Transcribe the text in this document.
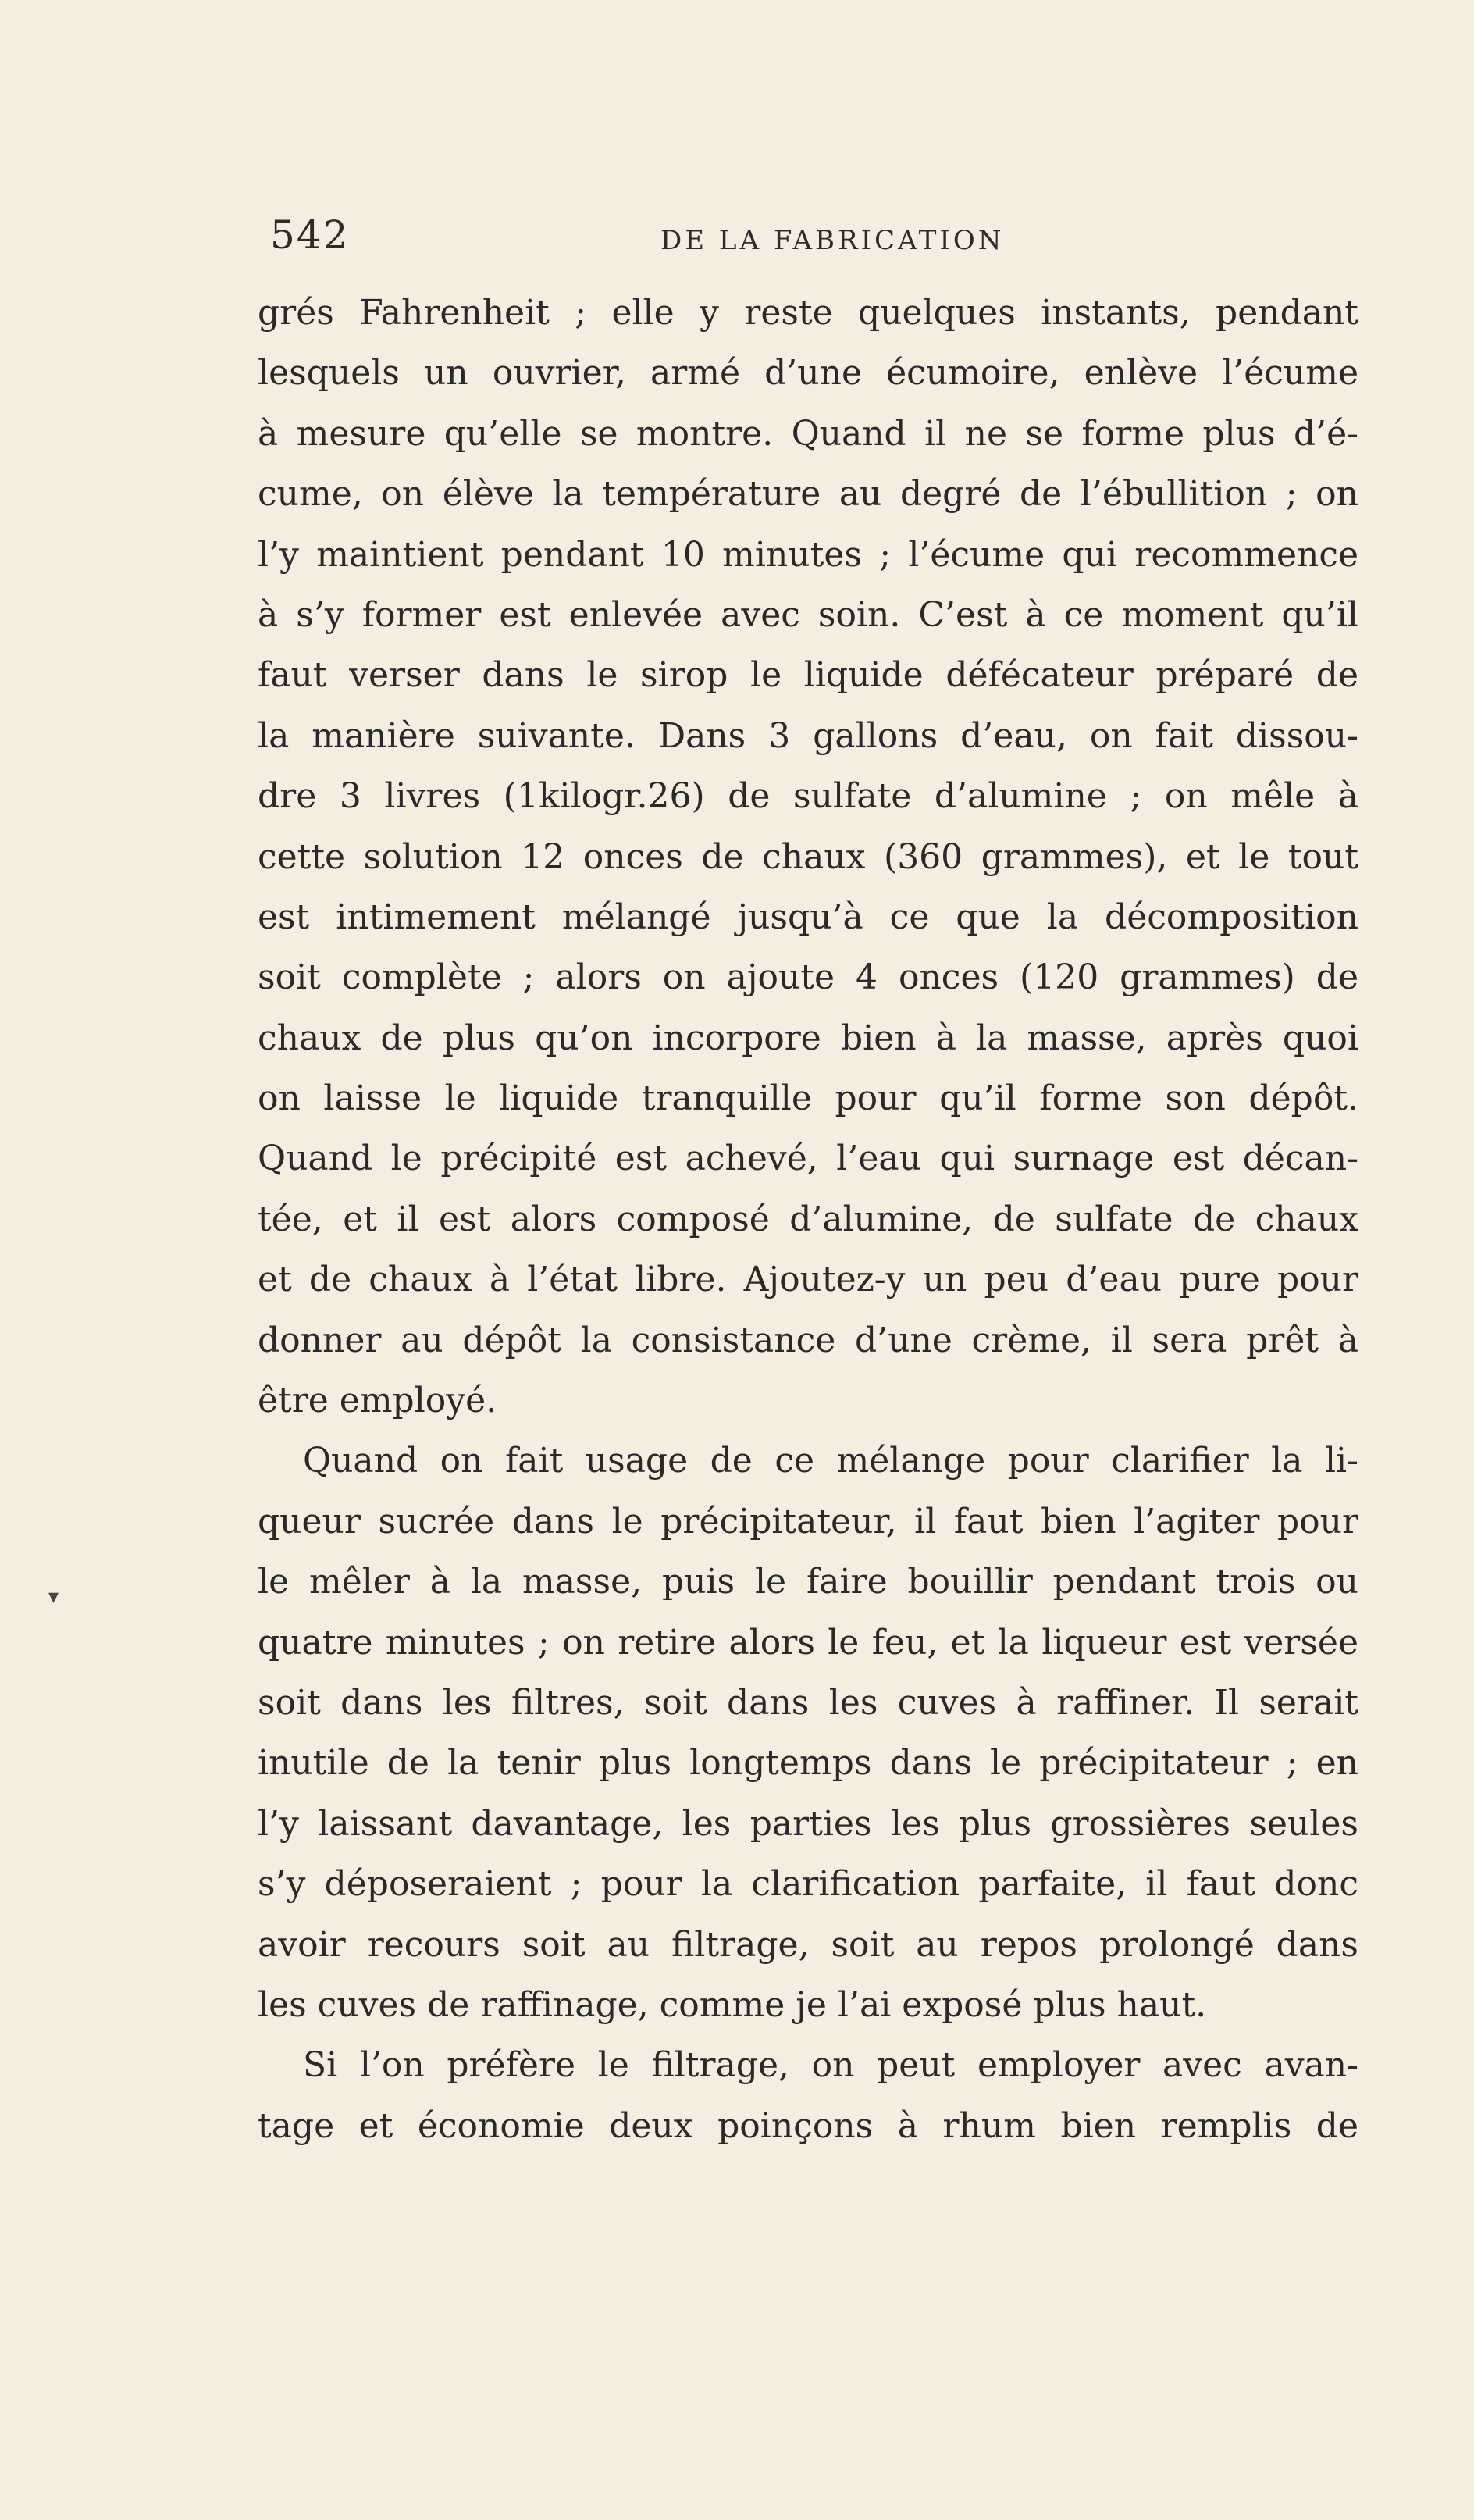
542	DE LA FABRICATION
▾
grés Fahrenheit ; elle y reste quelques instants, pendant
lesquels un ouvrier, armé d’une écumoire, enlève l’écume
à mesure qu’elle se montre. Quand il ne se forme plus d’é-
cume, on élève la température au degré de l’ébullition ; on
l’y maintient pendant 10 minutes ; l’écume qui recommence
à s’y former est enlevée avec soin. C’est à ce moment qu’il
faut verser dans le sirop le liquide défécateur préparé de
la manière suivante. Dans 3 gallons d’eau, on fait dissou-
dre 3 livres (1kilogr.26) de sulfate d’alumine ; on mêle à
cette solution 12 onces de chaux (360 grammes), et le tout
est intimement mélangé jusqu’à ce que la décomposition
soit complète ; alors on ajoute 4 onces (120 grammes) de
chaux de plus qu’on incorpore bien à la masse, après quoi
on laisse le liquide tranquille pour qu’il forme son dépôt.
Quand le précipité est achevé, l’eau qui surnage est décan-
tée, et il est alors composé d’alumine, de sulfate de chaux
et de chaux à l’état libre. Ajoutez-y un peu d’eau pure pour
donner au dépôt la consistance d’une crème, il sera prêt à
être employé.
Quand on fait usage de ce mélange pour clarifier la li-
queur sucrée dans le précipitateur, il faut bien l’agiter pour
le mêler à la masse, puis le faire bouillir pendant trois ou
quatre minutes ; on retire alors le feu, et la liqueur est versée
soit dans les filtres, soit dans les cuves à raffiner. Il serait
inutile de la tenir plus longtemps dans le précipitateur ; en
l’y laissant davantage, les parties les plus grossières seules
s’y déposeraient ; pour la clarification parfaite, il faut donc
avoir recours soit au filtrage, soit au repos prolongé dans
les cuves de raffinage, comme je l’ai exposé plus haut.
Si l’on préfère le filtrage, on peut employer avec avan-
tage et économie deux poinçons à rhum bien remplis de
